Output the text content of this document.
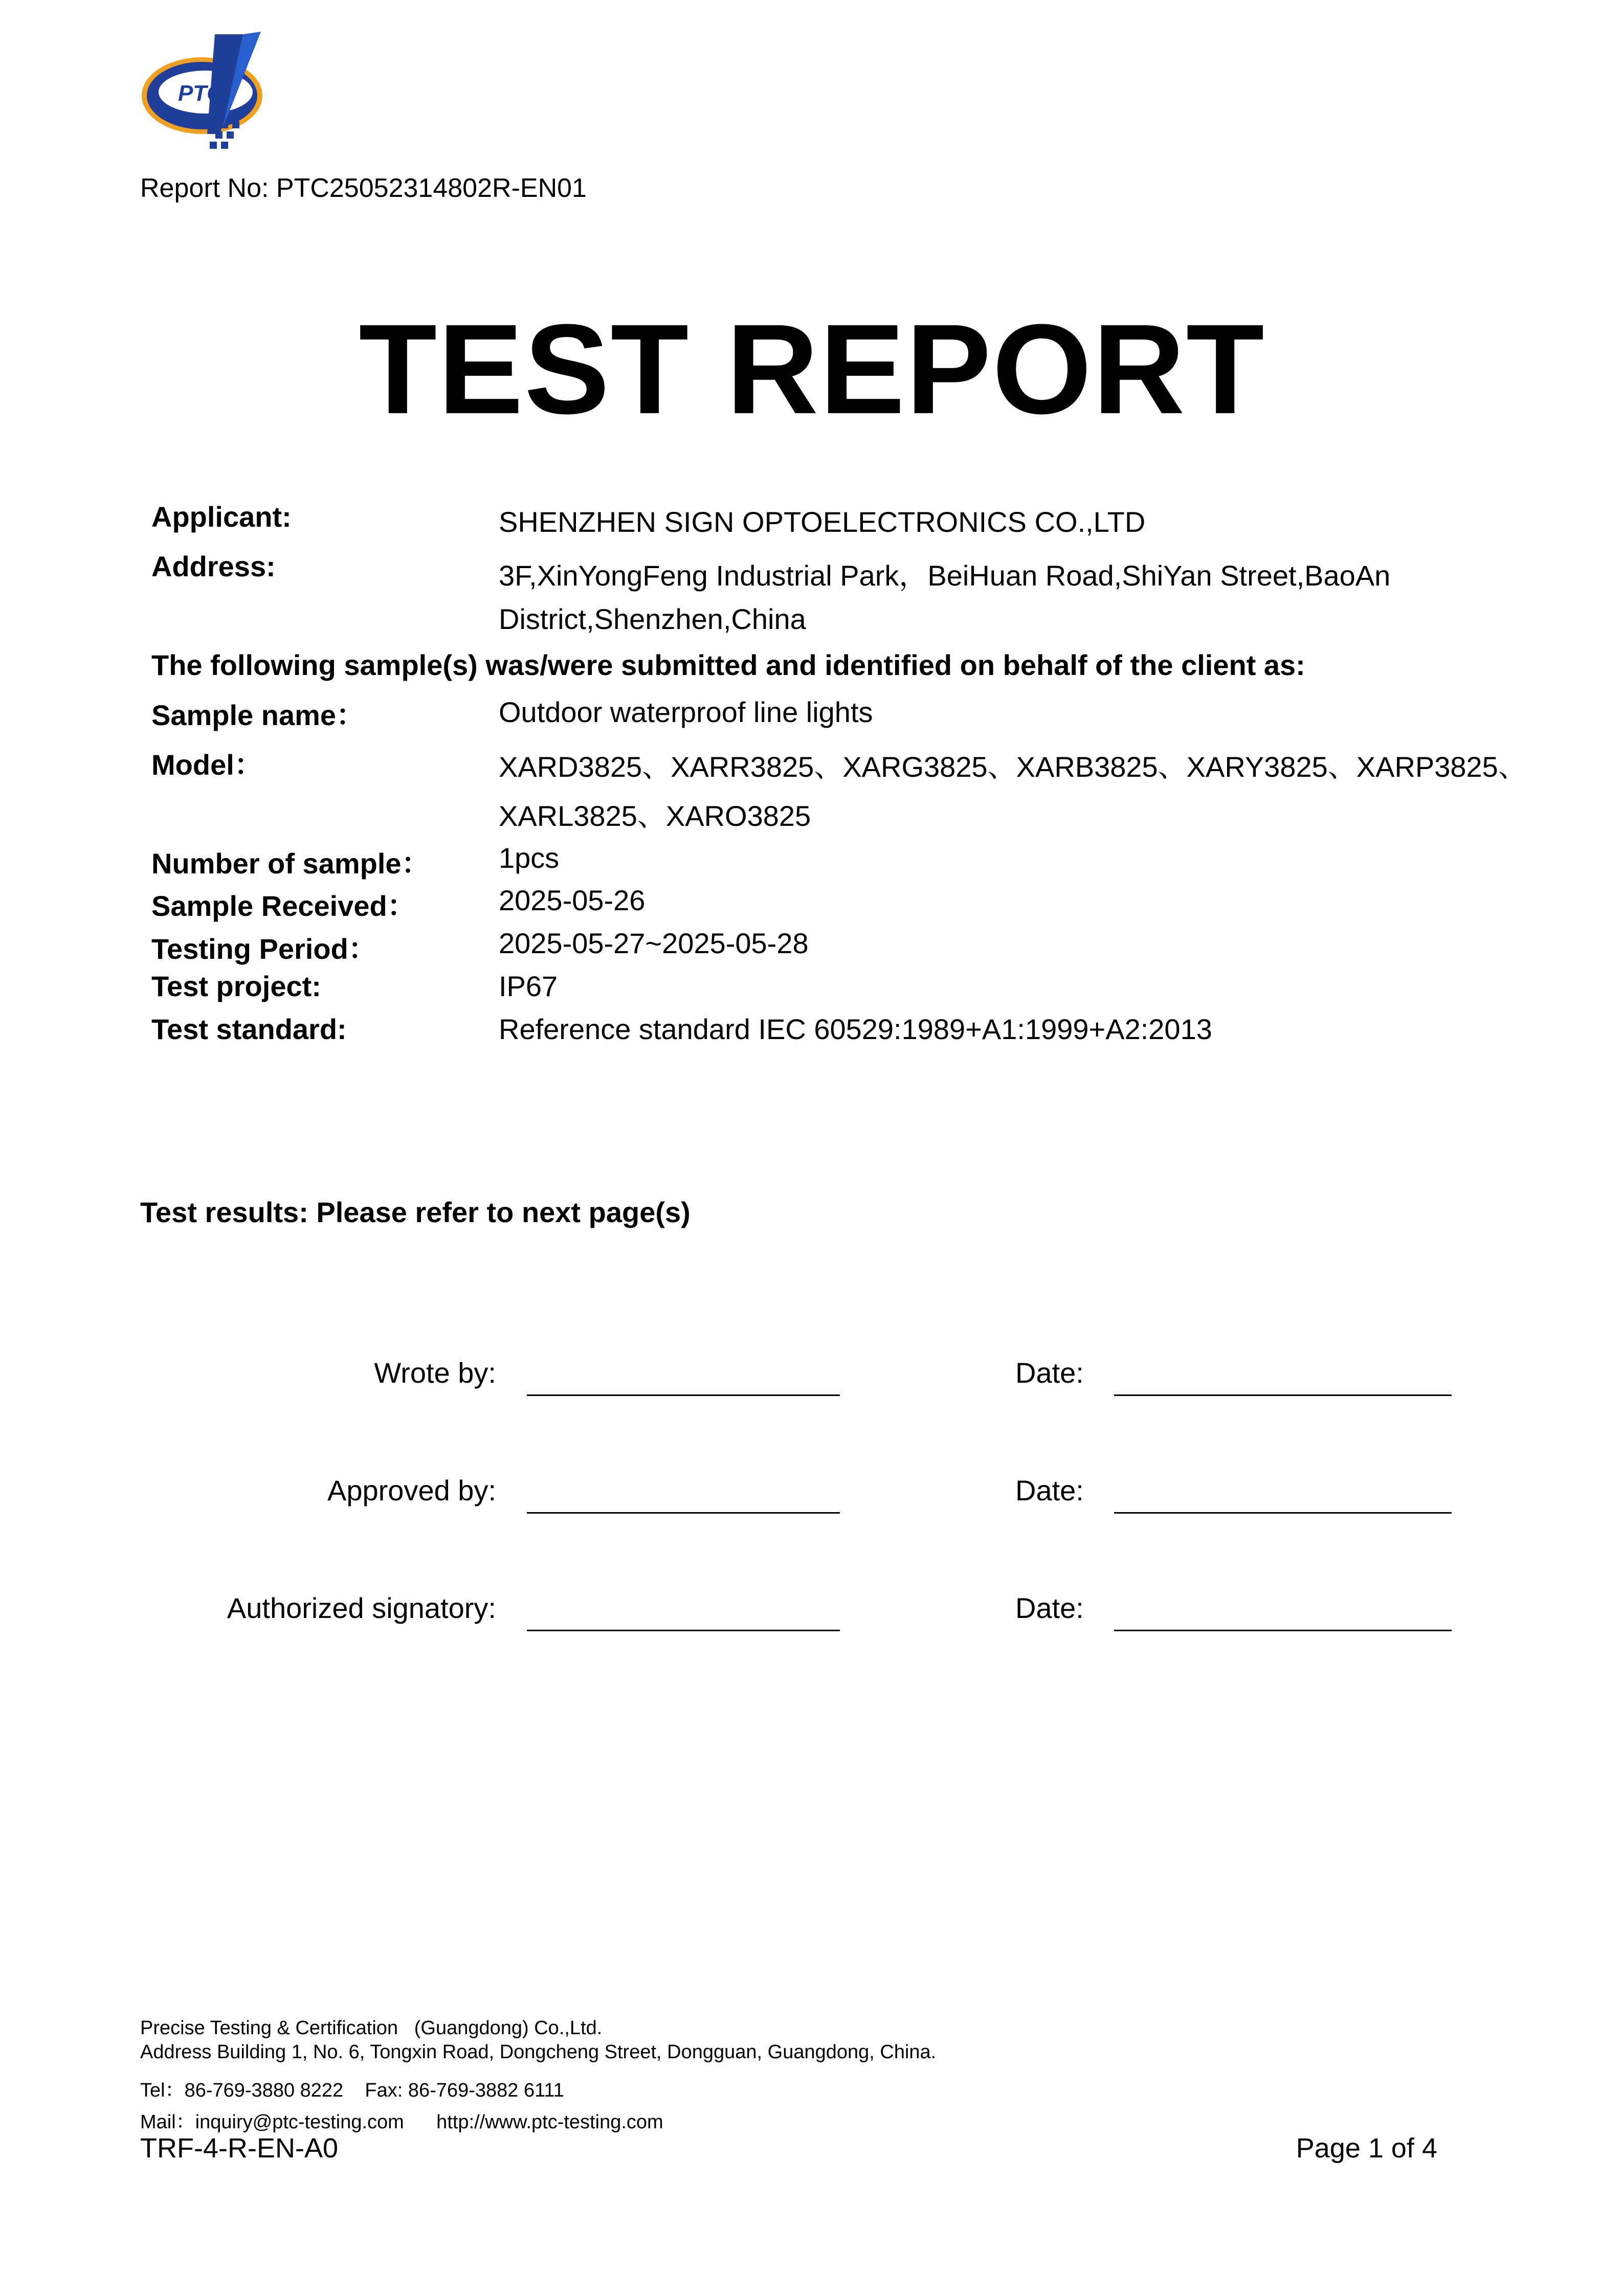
PTC
Report No: PTC25052314802R-EN01
TEST REPORT
Applicant:	SHENZHEN SIGN OPTOELECTRONICS CO.,LTD
Address:	3F,XinYongFeng Industrial Park，BeiHuan Road,ShiYan Street,BaoAn
District,Shenzhen,China
The following sample(s) was/were submitted and identified on behalf of the client as:
Sample name：	Outdoor waterproof line lights
Model：	XARD3825、XARR3825、XARG3825、XARB3825、XARY3825、XARP3825、
XARL3825、XARO3825
Number of sample： 1pcs
Sample Received：	2025-05-26
Testing Period：	2025-05-27~2025-05-28
Test project:	IP67
Test standard:	Reference standard IEC 60529:1989+A1:1999+A2:2013
Test results: Please refer to next page(s)
Wrote by:	Date:
Approved by:	Date:
Authorized signatory:	Date:
Precise Testing & Certification   (Guangdong) Co.,Ltd.
Address Building 1, No. 6, Tongxin Road, Dongcheng Street, Dongguan, Guangdong, China.
Tel：86-769-3880 8222    Fax: 86-769-3882 6111
Mail：inquiry@ptc-testing.com      http://www.ptc-testing.com
TRF-4-R-EN-A0	Page 1 of 4
